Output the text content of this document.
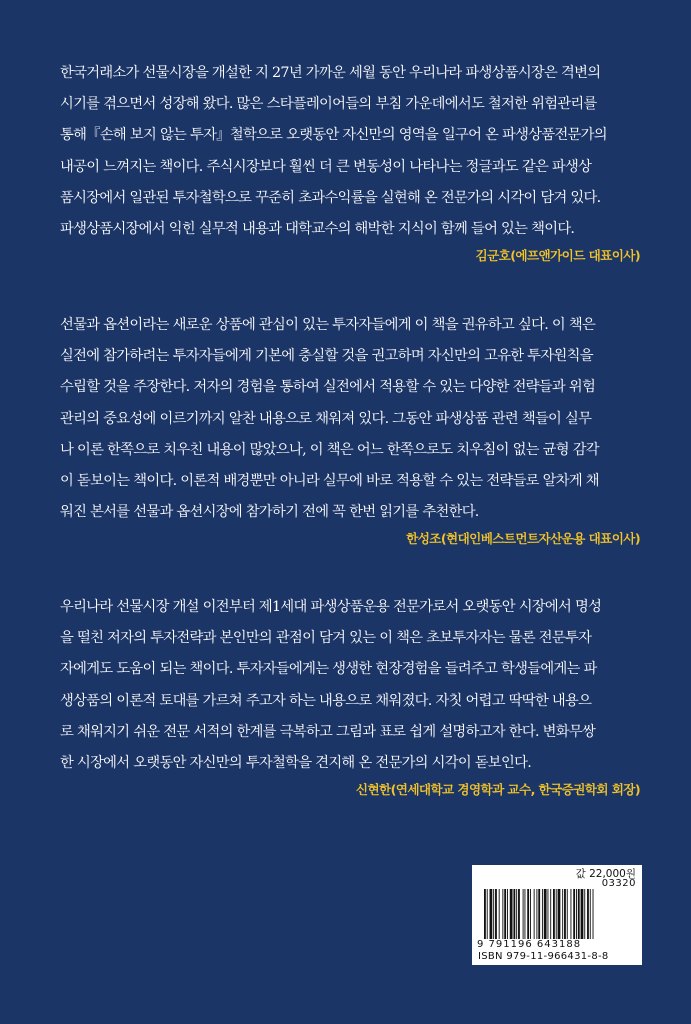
한국거래소가 선물시장을 개설한 지 27년 가까운 세월 동안 우리나라 파생상품시장은 격변의
시기를 겪으면서 성장해 왔다. 많은 스타플레이어들의 부침 가운데에서도 철저한 위험관리를
통해『손해 보지 않는 투자』철학으로 오랫동안 자신만의 영역을 일구어 온 파생상품전문가의
내공이 느껴지는 책이다. 주식시장보다 훨씬 더 큰 변동성이 나타나는 정글과도 같은 파생상
품시장에서 일관된 투자철학으로 꾸준히 초과수익률을 실현해 온 전문가의 시각이 담겨 있다.
파생상품시장에서 익힌 실무적 내용과 대학교수의 해박한 지식이 함께 들어 있는 책이다.

김군호(에프앤가이드 대표이사)

선물과 옵션이라는 새로운 상품에 관심이 있는 투자자들에게 이 책을 권유하고 싶다. 이 책은
실전에 참가하려는 투자자들에게 기본에 충실할 것을 권고하며 자신만의 고유한 투자원칙을
수립할 것을 주장한다. 저자의 경험을 통하여 실전에서 적용할 수 있는 다양한 전략들과 위험
관리의 중요성에 이르기까지 알찬 내용으로 채워져 있다. 그동안 파생상품 관련 책들이 실무
나 이론 한쪽으로 치우친 내용이 많았으나, 이 책은 어느 한쪽으로도 치우침이 없는 균형 감각
이 돋보이는 책이다. 이론적 배경뿐만 아니라 실무에 바로 적용할 수 있는 전략들로 알차게 채
워진 본서를 선물과 옵션시장에 참가하기 전에 꼭 한번 읽기를 추천한다.

한성조(현대인베스트먼트자산운용 대표이사)

우리나라 선물시장 개설 이전부터 제1세대 파생상품운용 전문가로서 오랫동안 시장에서 명성
을 떨친 저자의 투자전략과 본인만의 관점이 담겨 있는 이 책은 초보투자자는 물론 전문투자
자에게도 도움이 되는 책이다. 투자자들에게는 생생한 현장경험을 들려주고 학생들에게는 파
생상품의 이론적 토대를 가르쳐 주고자 하는 내용으로 채워졌다. 자칫 어렵고 딱딱한 내용으
로 채워지기 쉬운 전문 서적의 한계를 극복하고 그림과 표로 쉽게 설명하고자 한다. 변화무쌍
한 시장에서 오랫동안 자신만의 투자철학을 견지해 온 전문가의 시각이 돋보인다.

신현한(연세대학교 경영학과 교수, 한국증권학회 회장)
값 22,000원
03320
9 791196 643188
ISBN 979-11-966431-8-8
